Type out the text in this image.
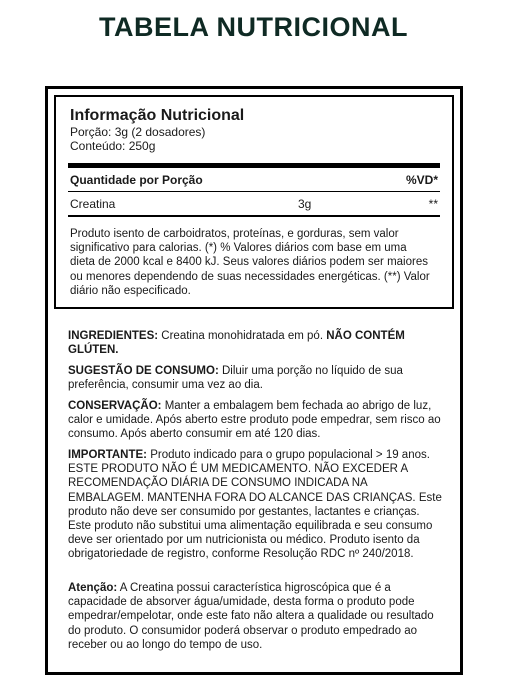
TABELA NUTRICIONAL
Informação Nutricional
Porção: 3g (2 dosadores)
Conteúdo: 250g
Quantidade por Porção	%VD*
Creatina	3g	**
Produto isento de carboidratos, proteínas, e gorduras, sem valor significativo para calorias. (*) % Valores diários com base em uma dieta de 2000 kcal e 8400 kJ. Seus valores diários podem ser maiores ou menores dependendo de suas necessidades energéticas. (**) Valor diário não especificado.
INGREDIENTES: Creatina monohidratada em pó. NÃO CONTÉM GLÚTEN.
SUGESTÃO DE CONSUMO: Diluir uma porção no líquido de sua preferência, consumir uma vez ao dia.
CONSERVAÇÃO: Manter a embalagem bem fechada ao abrigo de luz, calor e umidade. Após aberto estre produto pode empedrar, sem risco ao consumo. Após aberto consumir em até 120 dias.
IMPORTANTE: Produto indicado para o grupo populacional > 19 anos. ESTE PRODUTO NÃO É UM MEDICAMENTO. NÃO EXCEDER A RECOMENDAÇÃO DIÁRIA DE CONSUMO INDICADA NA EMBALAGEM. MANTENHA FORA DO ALCANCE DAS CRIANÇAS. Este produto não deve ser consumido por gestantes, lactantes e crianças. Este produto não substitui uma alimentação equilibrada e seu consumo deve ser orientado por um nutricionista ou médico. Produto isento da obrigatoriedade de registro, conforme Resolução RDC nº 240/2018.
Atenção: A Creatina possui característica higroscópica que é a capacidade de absorver água/umidade, desta forma o produto pode empedrar/empelotar, onde este fato não altera a qualidade ou resultado do produto. O consumidor poderá observar o produto empedrado ao receber ou ao longo do tempo de uso.
